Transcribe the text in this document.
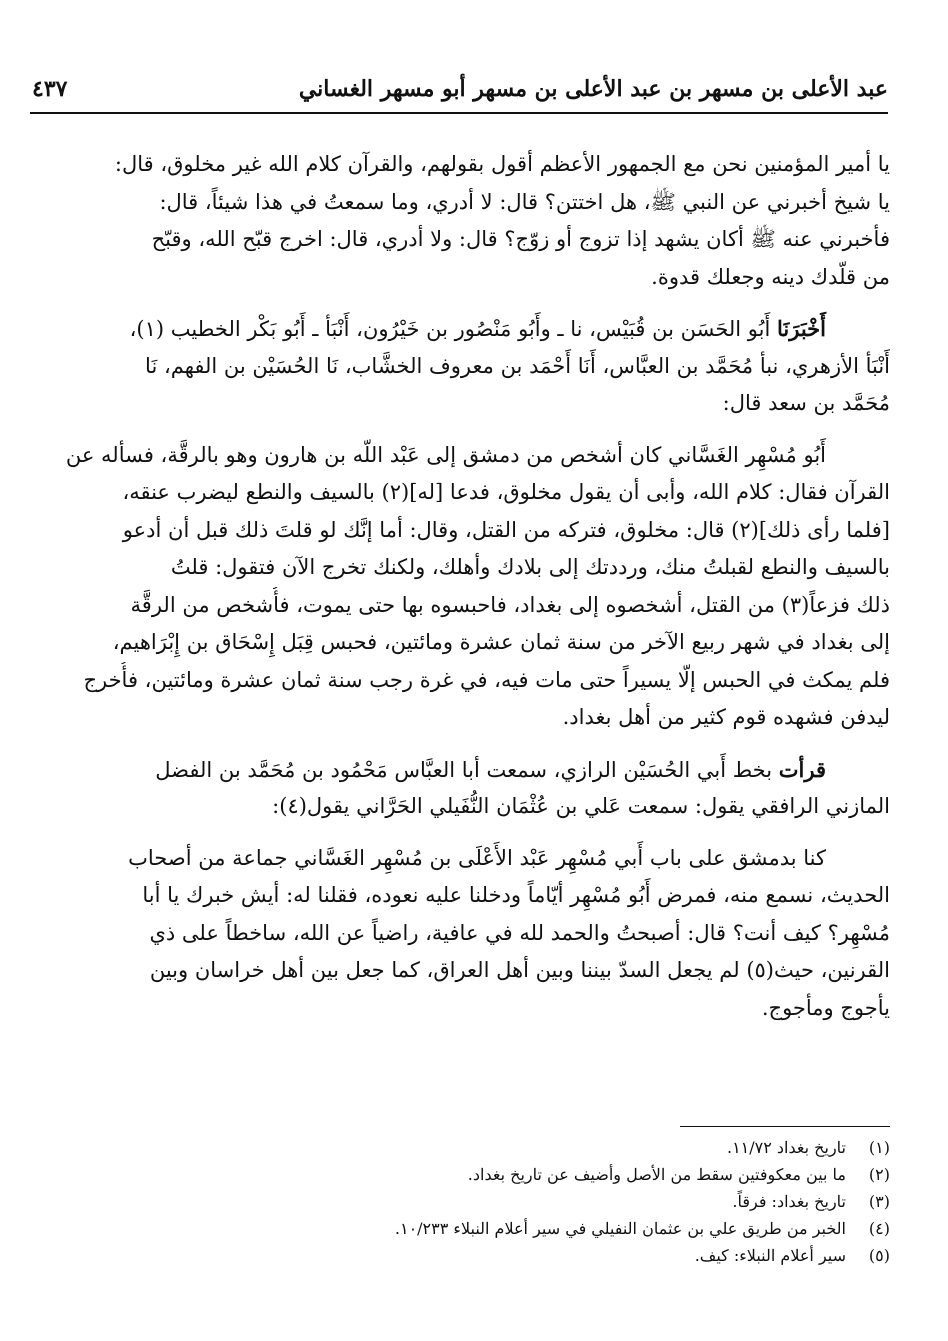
عبد الأعلى بن مسهر بن عبد الأعلى بن مسهر أبو مسهر الغساني
٤٣٧
يا أمير المؤمنين نحن مع الجمهور الأعظم أقول بقولهم، والقرآن كلام الله غير مخلوق، قال:
يا شيخ أخبرني عن النبي ﷺ، هل اختتن؟ قال: لا أدري، وما سمعتُ في هذا شيئاً، قال:
فأخبرني عنه ﷺ أكان يشهد إذا تزوج أو زوّج؟ قال: ولا أدري، قال: اخرج قبّح الله، وقبّح
من قلّدك دينه وجعلك قدوة.
أَخْبَرَنَا أَبُو الحَسَن بن قُبَيْس، نا ـ وأَبُو مَنْصُور بن خَيْرُون، أَنْبَأ ـ أَبُو بَكْر الخطيب (١)،
أَنْبَأ الأزهري، نبأ مُحَمَّد بن العبَّاس، أَنَا أَحْمَد بن معروف الخشَّاب، نَا الحُسَيْن بن الفهم، نَا
مُحَمَّد بن سعد قال:
أَبُو مُسْهِر الغَسَّاني كان أشخص من دمشق إلى عَبْد اللّه بن هارون وهو بالرقَّة، فسأله عن
القرآن فقال: كلام الله، وأبى أن يقول مخلوق، فدعا [له](٢) بالسيف والنطع ليضرب عنقه،
[فلما رأى ذلك](٢) قال: مخلوق، فتركه من القتل، وقال: أما إنَّك لو قلتَ ذلك قبل أن أدعو
بالسيف والنطع لقبلتُ منك، ورددتك إلى بلادك وأهلك، ولكنك تخرج الآن فتقول: قلتُ
ذلك فزعاً(٣) من القتل، أشخصوه إلى بغداد، فاحبسوه بها حتى يموت، فأُشخص من الرقَّة
إلى بغداد في شهر ربيع الآخر من سنة ثمان عشرة ومائتين، فحبس قِبَل إِسْحَاق بن إِبْرَاهيم،
فلم يمكث في الحبس إلّا يسيراً حتى مات فيه، في غرة رجب سنة ثمان عشرة ومائتين، فأُخرج
ليدفن فشهده قوم كثير من أهل بغداد.
قرأت بخط أَبي الحُسَيْن الرازي، سمعت أبا العبَّاس مَحْمُود بن مُحَمَّد بن الفضل
المازني الرافقي يقول: سمعت عَلي بن عُثْمَان النُّفَيلي الحَرَّاني يقول(٤):
كنا بدمشق على باب أَبي مُسْهِر عَبْد الأَعْلَى بن مُسْهِر الغَسَّاني جماعة من أصحاب
الحديث، نسمع منه، فمرض أَبُو مُسْهِر أيّاماً ودخلنا عليه نعوده، فقلنا له: أيش خبرك يا أبا
مُسْهِر؟ كيف أنت؟ قال: أصبحتُ والحمد لله في عافية، راضياً عن الله، ساخطاً على ذي
القرنين، حيث(٥) لم يجعل السدّ بيننا وبين أهل العراق، كما جعل بين أهل خراسان وبين
يأجوج ومأجوج.
(١)تاريخ بغداد ١١/٧٢.
(٢)ما بين معكوفتين سقط من الأصل وأضيف عن تاريخ بغداد.
(٣)تاريخ بغداد: فرقاً.
(٤)الخبر من طريق علي بن عثمان النفيلي في سير أعلام النبلاء ١٠/٢٣٣.
(٥)سير أعلام النبلاء: كيف.
